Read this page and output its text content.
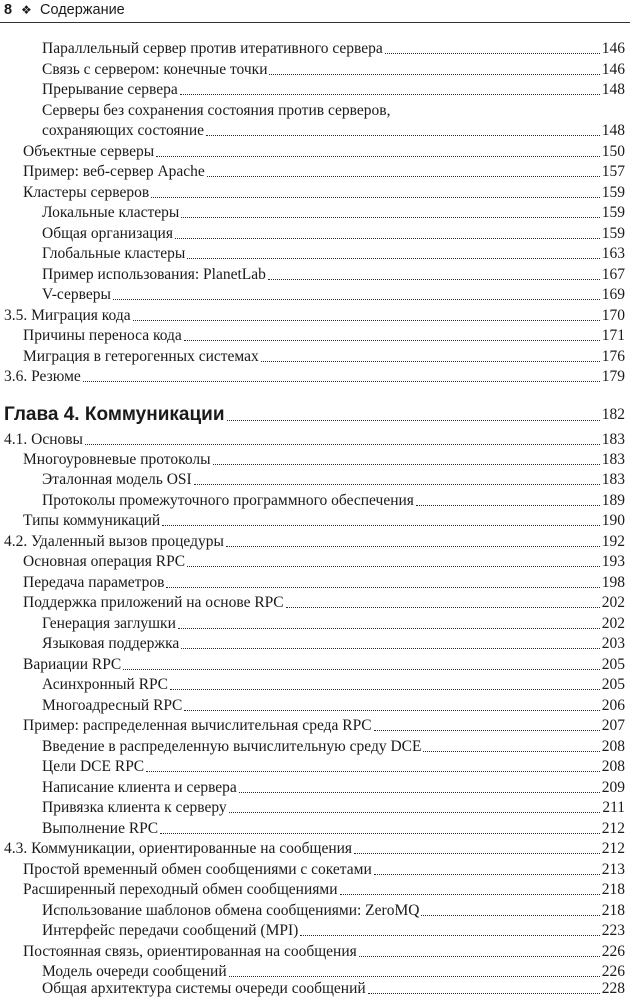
8 ❖ Содержание
Параллельный сервер против итеративного сервера	146
Связь с сервером: конечные точки	146
Прерывание сервера	148
Серверы без сохранения состояния против серверов,
сохраняющих состояние	148
Объектные серверы	150
Пример: веб-сервер Apache	157
Кластеры серверов	159
Локальные кластеры	159
Общая организация	159
Глобальные кластеры	163
Пример использования: PlanetLab	167
V-серверы	169
3.5. Миграция кода	170
Причины переноса кода	171
Миграция в гетерогенных системах	176
3.6. Резюме	179
Глава 4. Коммуникации	182
4.1. Основы	183
Многоуровневые протоколы	183
Эталонная модель OSI	183
Протоколы промежуточного программного обеспечения	189
Типы коммуникаций	190
4.2. Удаленный вызов процедуры	192
Основная операция RPC	193
Передача параметров	198
Поддержка приложений на основе RPC	202
Генерация заглушки	202
Языковая поддержка	203
Вариации RPC	205
Асинхронный RPC	205
Многоадресный RPC	206
Пример: распределенная вычислительная среда RPC	207
Введение в распределенную вычислительную среду DCE	208
Цели DCE RPC	208
Написание клиента и сервера	209
Привязка клиента к серверу	211
Выполнение RPC	212
4.3. Коммуникации, ориентированные на сообщения	212
Простой временный обмен сообщениями с сокетами	213
Расширенный переходный обмен сообщениями	218
Использование шаблонов обмена сообщениями: ZeroMQ	218
Интерфейс передачи сообщений (MPI)	223
Постоянная связь, ориентированная на сообщения	226
Модель очереди сообщений	226
Общая архитектура системы очереди сообщений	228
